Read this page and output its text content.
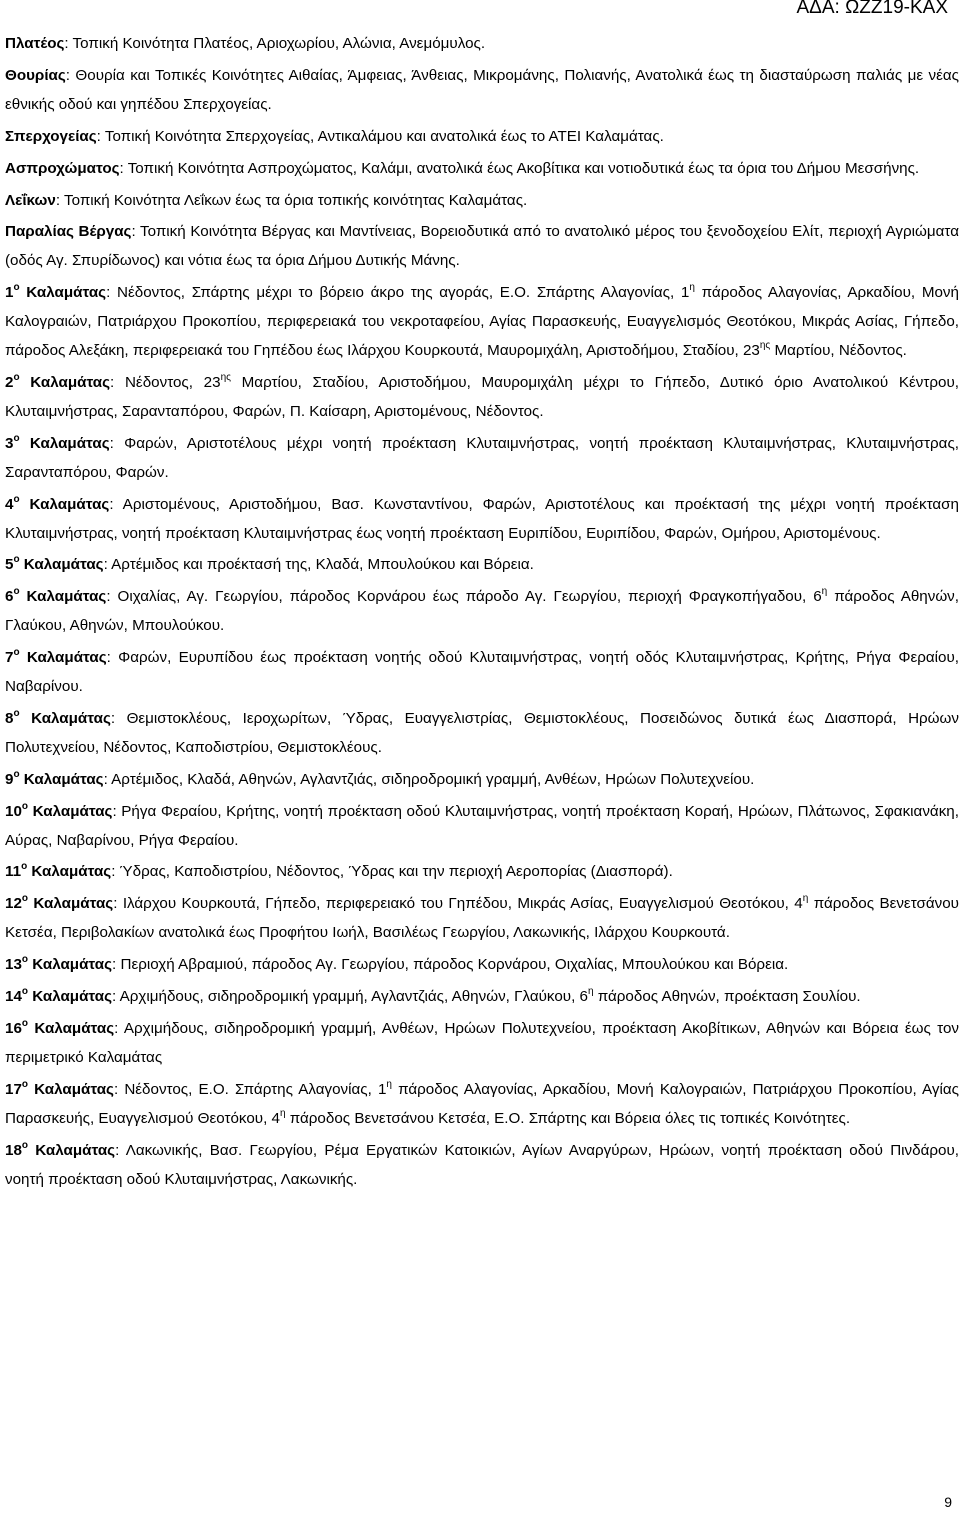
ΑΔΑ: ΩΖΖ19-ΚΑΧ

Πλατέος: Τοπική Κοινότητα Πλατέος, Αριοχωρίου, Αλώνια, Ανεμόμυλος.

Θουρίας: Θουρία και Τοπικές Κοινότητες Αιθαίας, Άμφειας, Άνθειας, Μικρομάνης, Πολιανής, Ανατολικά έως τη διασταύρωση παλιάς με νέας εθνικής οδού και γηπέδου Σπερχογείας.

Σπερχογείας: Τοπική Κοινότητα Σπερχογείας, Αντικαλάμου και ανατολικά έως το ΑΤΕΙ Καλαμάτας.

Ασπροχώματος: Τοπική Κοινότητα Ασπροχώματος, Καλάμι, ανατολικά έως Ακοβίτικα και νοτιοδυτικά έως τα όρια του Δήμου Μεσσήνης.

Λεΐκων: Τοπική Κοινότητα Λεΐκων έως τα όρια τοπικής κοινότητας Καλαμάτας.

Παραλίας Βέργας: Τοπική Κοινότητα Βέργας και Μαντίνειας, Βορειοδυτικά από το ανατολικό μέρος του ξενοδοχείου Ελίτ, περιοχή Αγριώματα (οδός Αγ. Σπυρίδωνος) και νότια έως τα όρια Δήμου Δυτικής Μάνης.

$1^o$ Καλαμάτας: Νέδοντος, Σπάρτης μέχρι το βόρειο άκρο της αγοράς, Ε.Ο. Σπάρτης Αλαγονίας, $1^\eta$ πάροδος Αλαγονίας, Αρκαδίου, Μονή Καλογραιών, Πατριάρχου Προκοπίου, περιφερειακά του νεκροταφείου, Αγίας Παρασκευής, Ευαγγελισμός Θεοτόκου, Μικράς Ασίας, Γήπεδο, πάροδος Αλεξάκη, περιφερειακά του Γηπέδου έως Ιλάρχου Κουρκουτά, Μαυρομιχάλη, Αριστοδήμου, Σταδίου, $23^{\eta\varsigma}$ Μαρτίου, Νέδοντος.

$2^o$ Καλαμάτας: Νέδοντος, $23^{\eta\varsigma}$ Μαρτίου, Σταδίου, Αριστοδήμου, Μαυρομιχάλη μέχρι το Γήπεδο, Δυτικό όριο Ανατολικού Κέντρου, Κλυταιμνήστρας, Σαρανταπόρου, Φαρών, Π. Καίσαρη, Αριστομένους, Νέδοντος.

$3^o$ Καλαμάτας: Φαρών, Αριστοτέλους μέχρι νοητή προέκταση Κλυταιμνήστρας, νοητή προέκταση Κλυταιμνήστρας, Κλυταιμνήστρας, Σαρανταπόρου, Φαρών.

$4^o$ Καλαμάτας: Αριστομένους, Αριστοδήμου, Βασ. Κωνσταντίνου, Φαρών, Αριστοτέλους και προέκτασή της μέχρι νοητή προέκταση Κλυταιμνήστρας, νοητή προέκταση Κλυταιμνήστρας έως νοητή προέκταση Ευριπίδου, Ευριπίδου, Φαρών, Ομήρου, Αριστομένους.

$5^o$ Καλαμάτας: Αρτέμιδος και προέκτασή της, Κλαδά, Μπουλούκου και Βόρεια.

$6^o$ Καλαμάτας: Οιχαλίας, Αγ. Γεωργίου, πάροδος Κορνάρου έως πάροδο Αγ. Γεωργίου, περιοχή Φραγκοπήγαδου, $6^\eta$ πάροδος Αθηνών, Γλαύκου, Αθηνών, Μπουλούκου.

$7^o$ Καλαμάτας: Φαρών, Ευρυπίδου έως προέκταση νοητής οδού Κλυταιμνήστρας, νοητή οδός Κλυταιμνήστρας, Κρήτης, Ρήγα Φεραίου, Ναβαρίνου.

$8^o$ Καλαμάτας: Θεμιστοκλέους, Ιεροχωρίτων, Ύδρας, Ευαγγελιστρίας, Θεμιστοκλέους, Ποσειδώνος δυτικά έως Διασπορά, Ηρώων Πολυτεχνείου, Νέδοντος, Καποδιστρίου, Θεμιστοκλέους.

$9^o$ Καλαμάτας: Αρτέμιδος, Κλαδά, Αθηνών, Αγλαντζιάς, σιδηροδρομική γραμμή, Ανθέων, Ηρώων Πολυτεχνείου.

$10^o$ Καλαμάτας: Ρήγα Φεραίου, Κρήτης, νοητή προέκταση οδού Κλυταιμνήστρας, νοητή προέκταση Κοραή, Ηρώων, Πλάτωνος, Σφακιανάκη, Αύρας, Ναβαρίνου, Ρήγα Φεραίου.

$11^o$ Καλαμάτας: Ύδρας, Καποδιστρίου, Νέδοντος, Ύδρας και την περιοχή Αεροπορίας (Διασπορά).

$12^o$ Καλαμάτας: Ιλάρχου Κουρκουτά, Γήπεδο, περιφερειακό του Γηπέδου, Μικράς Ασίας, Ευαγγελισμού Θεοτόκου, $4^\eta$ πάροδος Βενετσάνου Κετσέα, Περιβολακίων ανατολικά έως Προφήτου Ιωήλ, Βασιλέως Γεωργίου, Λακωνικής, Ιλάρχου Κουρκουτά.

$13^o$ Καλαμάτας: Περιοχή Αβραμιού, πάροδος Αγ. Γεωργίου, πάροδος Κορνάρου, Οιχαλίας, Μπουλούκου και Βόρεια.

$14^o$ Καλαμάτας: Αρχιμήδους, σιδηροδρομική γραμμή, Αγλαντζιάς, Αθηνών, Γλαύκου, $6^\eta$ πάροδος Αθηνών, προέκταση Σουλίου.

$16^o$ Καλαμάτας: Αρχιμήδους, σιδηροδρομική γραμμή, Ανθέων, Ηρώων Πολυτεχνείου, προέκταση Ακοβίτικων, Αθηνών και Βόρεια έως τον περιμετρικό Καλαμάτας

$17^o$ Καλαμάτας: Νέδοντος, Ε.Ο. Σπάρτης Αλαγονίας, $1^\eta$ πάροδος Αλαγονίας, Αρκαδίου, Μονή Καλογραιών, Πατριάρχου Προκοπίου, Αγίας Παρασκευής, Ευαγγελισμού Θεοτόκου, $4^\eta$ πάροδος Βενετσάνου Κετσέα, Ε.Ο. Σπάρτης και Βόρεια όλες τις τοπικές Κοινότητες.

$18^o$ Καλαμάτας: Λακωνικής, Βασ. Γεωργίου, Ρέμα Εργατικών Κατοικιών, Αγίων Αναργύρων, Ηρώων, νοητή προέκταση οδού Πινδάρου, νοητή προέκταση οδού Κλυταιμνήστρας, Λακωνικής.

9
